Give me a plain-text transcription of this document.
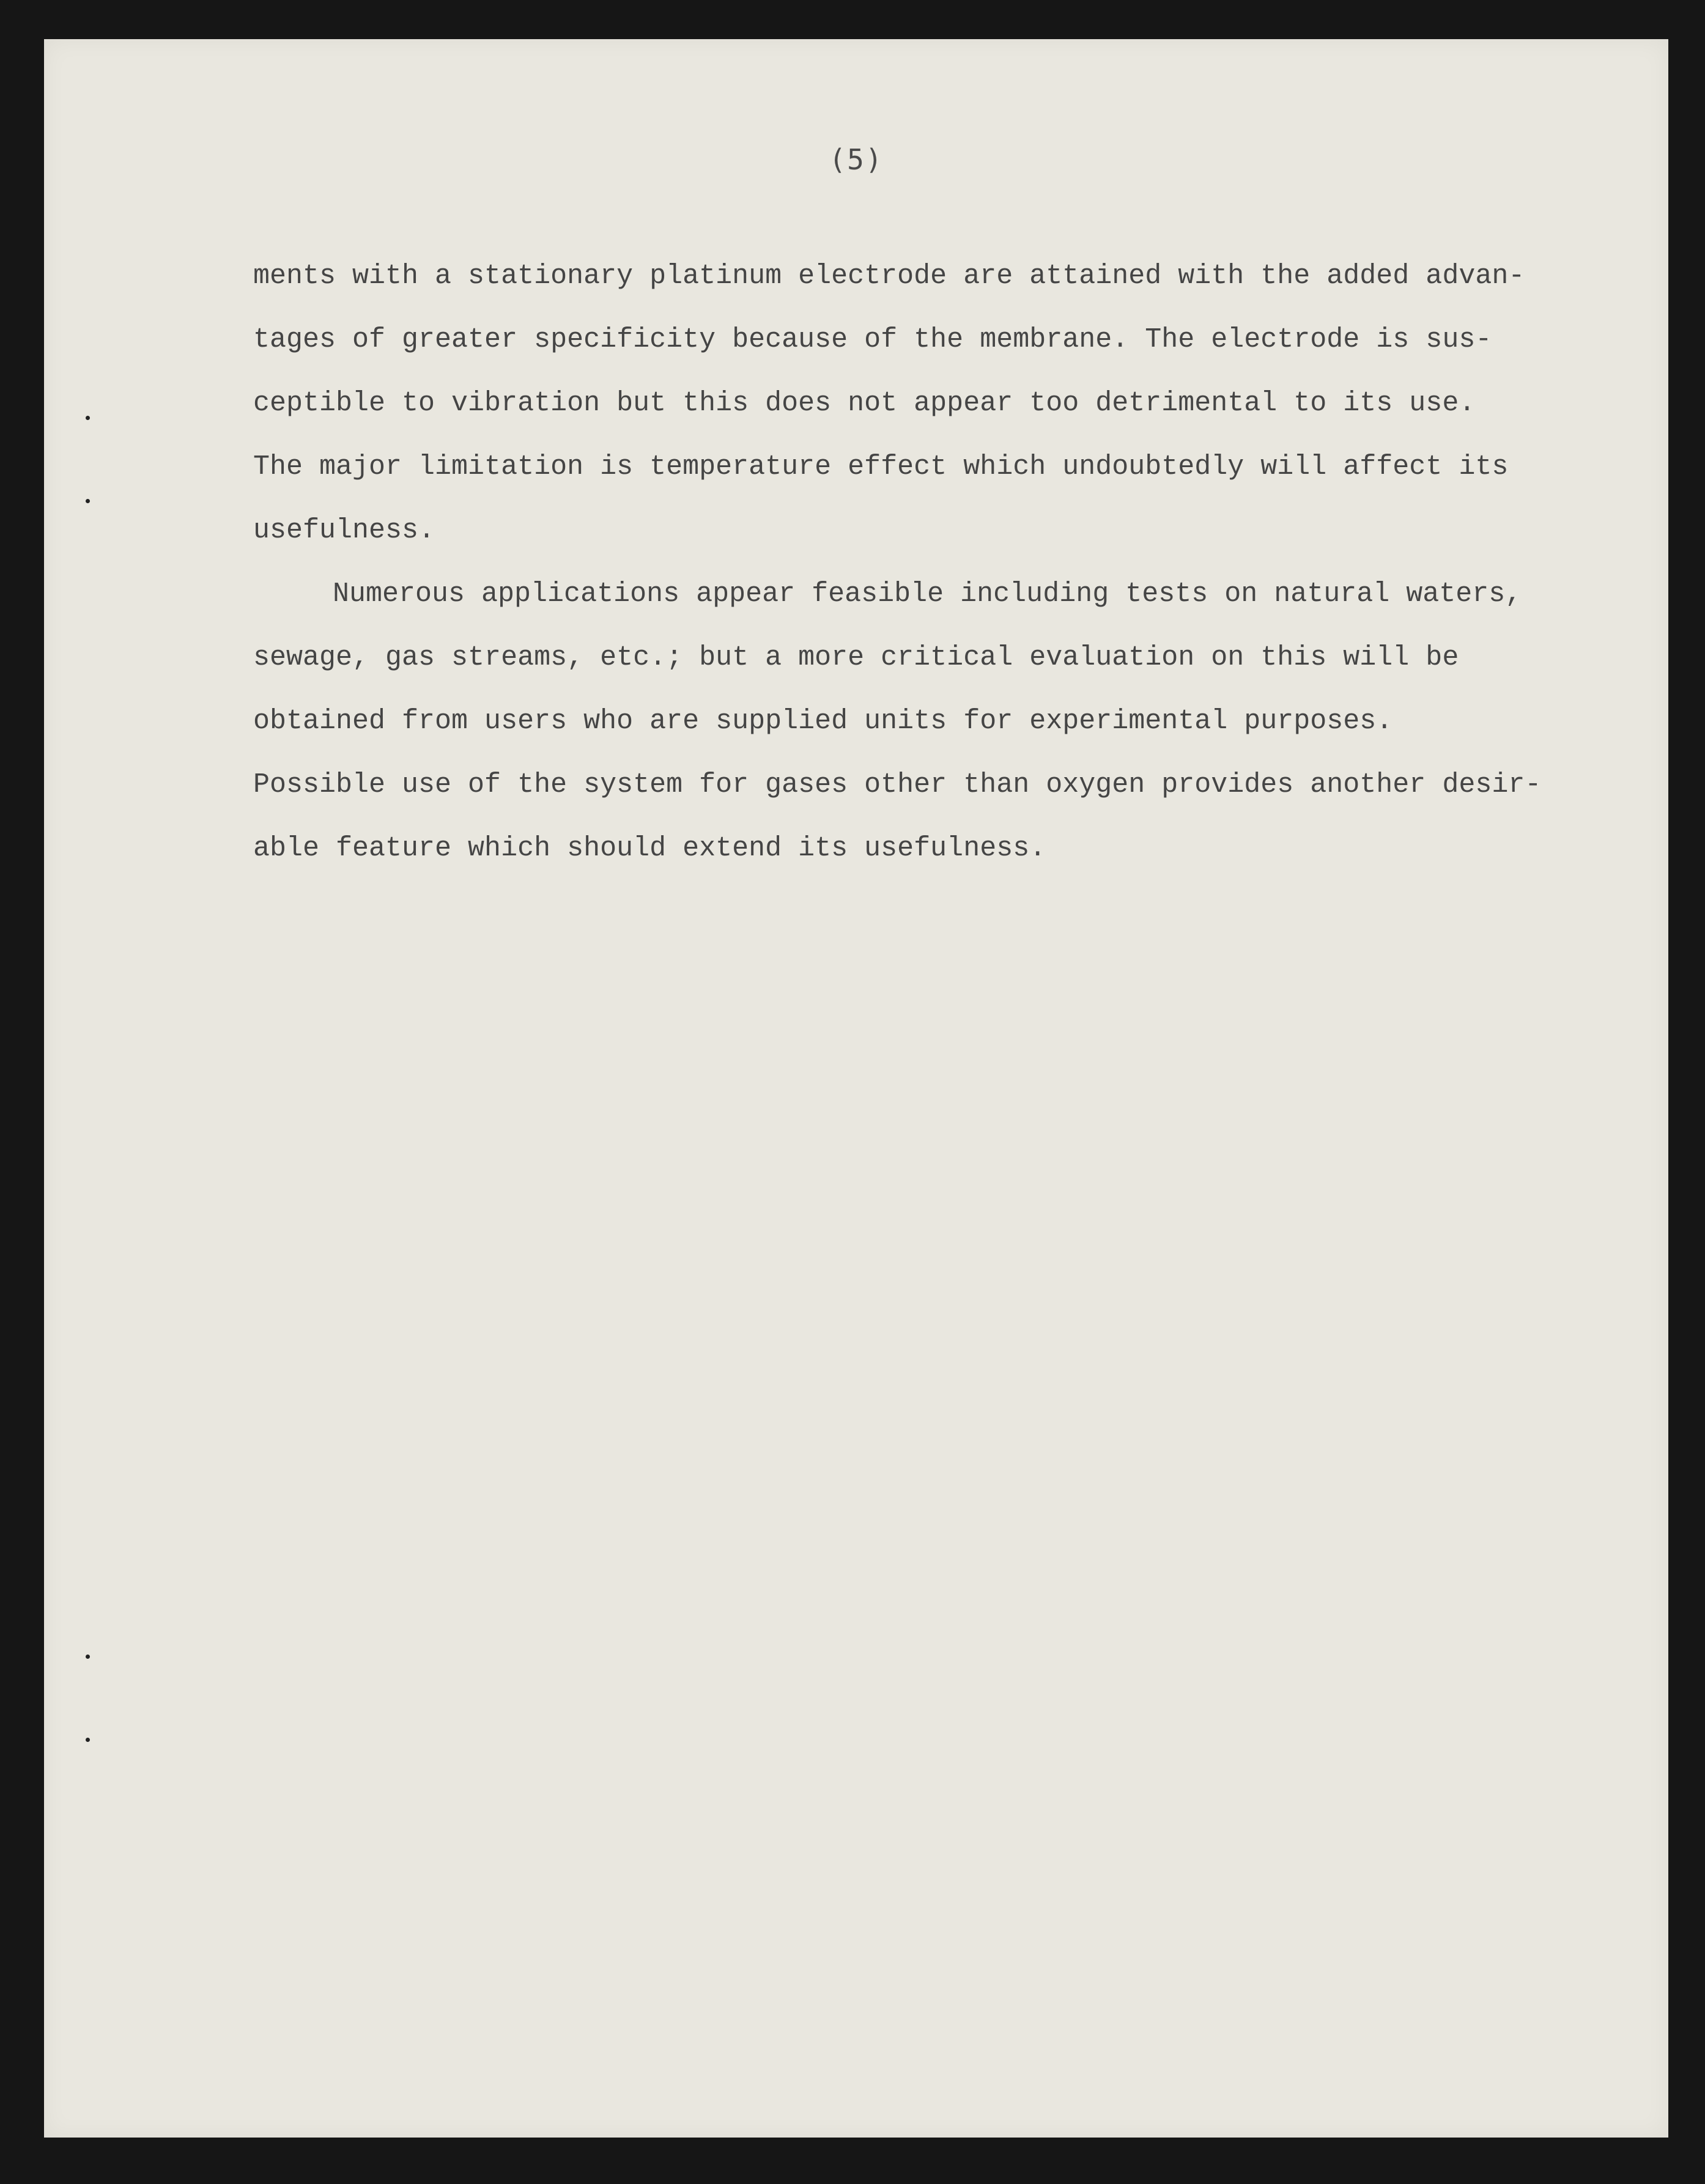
(5)
ments with a stationary platinum electrode are attained with the added advan-
tages of greater specificity because of the membrane. The electrode is sus-
ceptible to vibration but this does not appear too detrimental to its use.
The major limitation is temperature effect which undoubtedly will affect its
usefulness.
Numerous applications appear feasible including tests on natural waters,
sewage, gas streams, etc.; but a more critical evaluation on this will be
obtained from users who are supplied units for experimental purposes.
Possible use of the system for gases other than oxygen provides another desir-
able feature which should extend its usefulness.
